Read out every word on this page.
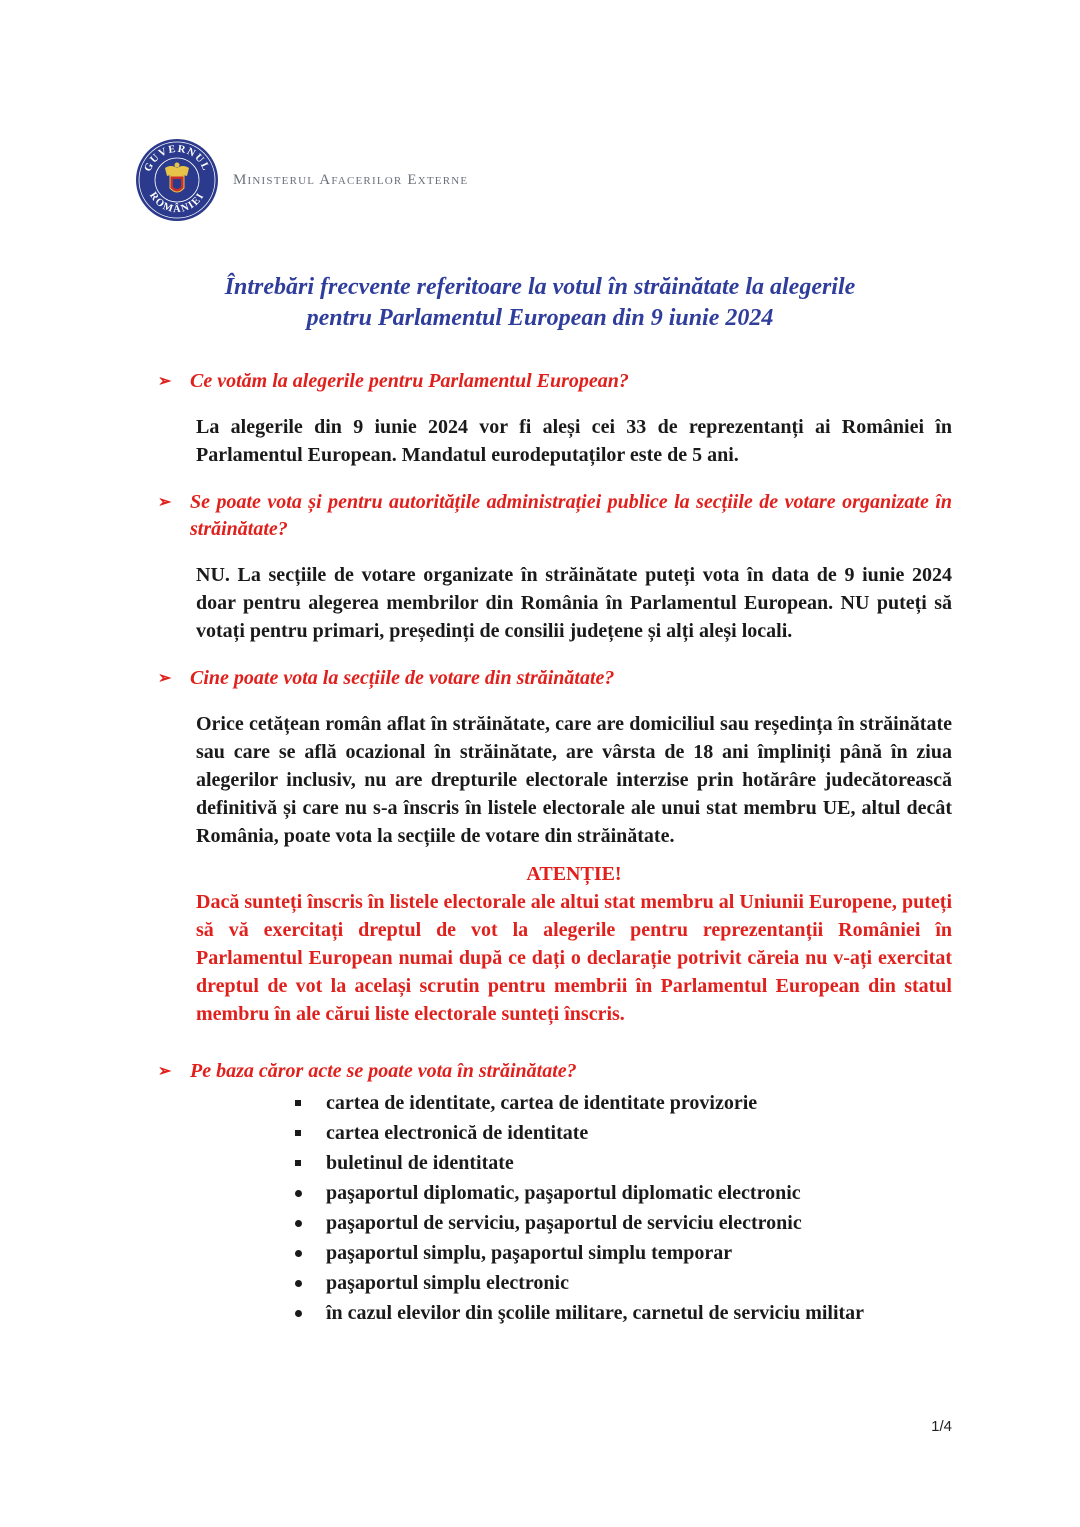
GUVERNUL
ROMÂNIEI
Ministerul Afacerilor Externe
Întrebări frecvente referitoare la votul în străinătate la alegerile
pentru Parlamentul European din 9 iunie 2024
➢ Ce votăm la alegerile pentru Parlamentul European?
La alegerile din 9 iunie 2024 vor fi aleși cei 33 de reprezentanți ai României în Parlamentul European. Mandatul eurodeputaților este de 5 ani.
➢ Se poate vota și pentru autoritățile administrației publice la secțiile de votare organizate în străinătate?
NU. La secțiile de votare organizate în străinătate puteți vota în data de 9 iunie 2024 doar pentru alegerea membrilor din România în Parlamentul European. NU puteți să votați pentru primari, președinți de consilii județene și alți aleși locali.
➢ Cine poate vota la secțiile de votare din străinătate?
Orice cetățean român aflat în străinătate, care are domiciliul sau reședința în străinătate sau care se află ocazional în străinătate, are vârsta de 18 ani împliniți până în ziua alegerilor inclusiv, nu are drepturile electorale interzise prin hotărâre judecătorească definitivă și care nu s-a înscris în listele electorale ale unui stat membru UE, altul decât România, poate vota la secțiile de votare din străinătate.
ATENȚIE!
Dacă sunteți înscris în listele electorale ale altui stat membru al Uniunii Europene, puteți să vă exercitați dreptul de vot la alegerile pentru reprezentanții României în Parlamentul European numai după ce dați o declarație potrivit căreia nu v-ați exercitat dreptul de vot la același scrutin pentru membrii în Parlamentul European din statul membru în ale cărui liste electorale sunteți înscris.
➢ Pe baza căror acte se poate vota în străinătate?
cartea de identitate, cartea de identitate provizorie
cartea electronică de identitate
buletinul de identitate
paşaportul diplomatic, paşaportul diplomatic electronic
paşaportul de serviciu, paşaportul de serviciu electronic
paşaportul simplu, paşaportul simplu temporar
paşaportul simplu electronic
în cazul elevilor din şcolile militare, carnetul de serviciu militar
1/4
